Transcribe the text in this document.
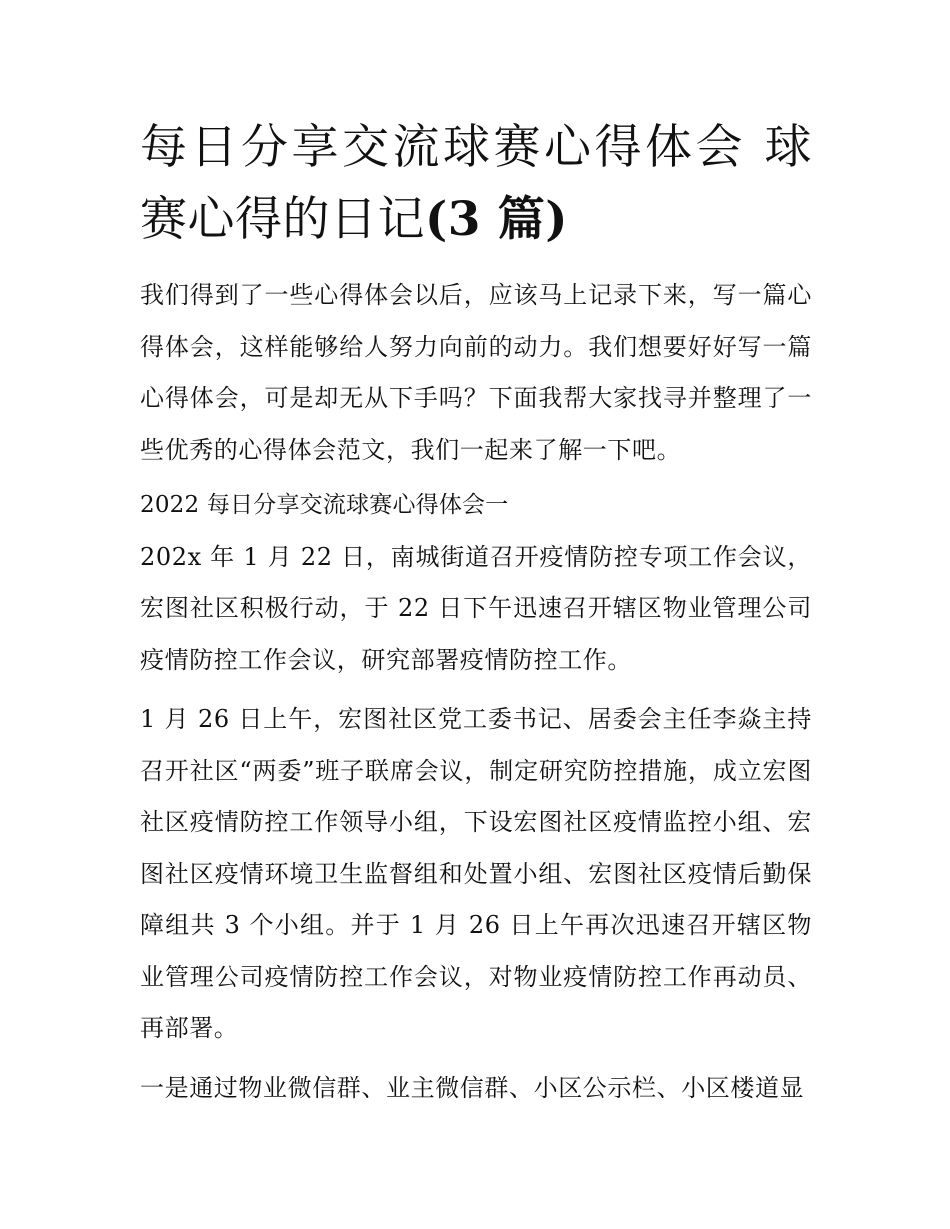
每日分享交流球赛心得体会 球赛心得的日记(3 篇)

我们得到了一些心得体会以后，应该马上记录下来，写一篇心得体会，这样能够给人努力向前的动力。我们想要好好写一篇心得体会，可是却无从下手吗？下面我帮大家找寻并整理了一些优秀的心得体会范文，我们一起来了解一下吧。

2022 每日分享交流球赛心得体会一

202x 年 1 月 22 日，南城街道召开疫情防控专项工作会议，宏图社区积极行动，于 22 日下午迅速召开辖区物业管理公司疫情防控工作会议，研究部署疫情防控工作。

1 月 26 日上午，宏图社区党工委书记、居委会主任李焱主持召开社区“两委”班子联席会议，制定研究防控措施，成立宏图社区疫情防控工作领导小组，下设宏图社区疫情监控小组、宏图社区疫情环境卫生监督组和处置小组、宏图社区疫情后勤保障组共 3 个小组。并于 1 月 26 日上午再次迅速召开辖区物业管理公司疫情防控工作会议，对物业疫情防控工作再动员、再部署。

一是通过物业微信群、业主微信群、小区公示栏、小区楼道显
